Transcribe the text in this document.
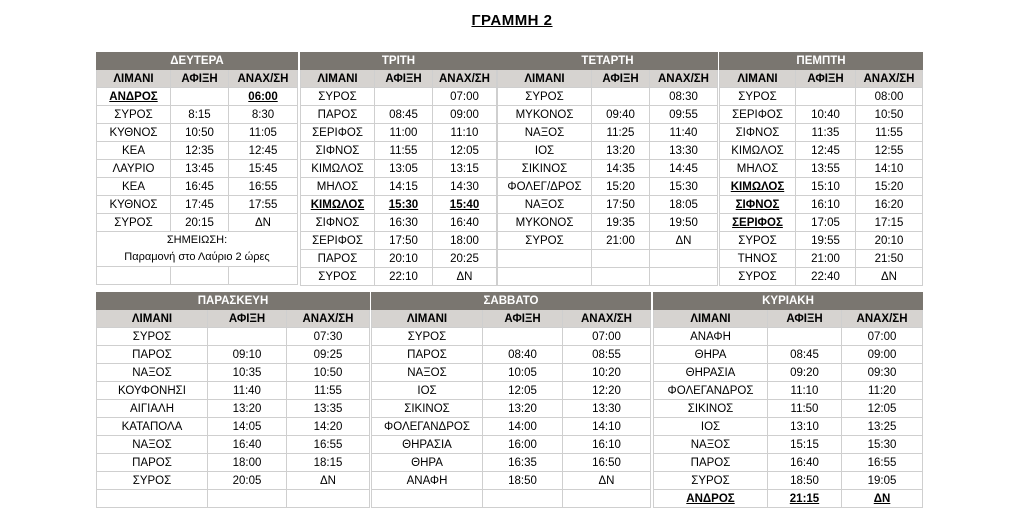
ΓΡΑΜΜΗ 2
ΔΕΥΤΕΡΑ		
ΛΙΜΑΝΙ	ΑΦΙΞΗ	ΑΝΑΧ/ΣΗ
ΑΝΔΡΟΣ		06:00
ΣΥΡΟΣ	8:15	8:30
ΚΥΘΝΟΣ	10:50	11:05
ΚΕΑ	12:35	12:45
ΛΑΥΡΙΟ	13:45	15:45
ΚΕΑ	16:45	16:55
ΚΥΘΝΟΣ	17:45	17:55
ΣΥΡΟΣ	20:15	ΔΝ

ΣΗΜΕΙΩΣΗ:
Παραμονή στο Λαύριο 2 ώρες		

ΤΡΙΤΗ		
ΛΙΜΑΝΙ	ΑΦΙΞΗ	ΑΝΑΧ/ΣΗ
ΣΥΡΟΣ		07:00
ΠΑΡΟΣ	08:45	09:00
ΣΕΡΙΦΟΣ	11:00	11:10
ΣΙΦΝΟΣ	11:55	12:05
ΚΙΜΩΛΟΣ	13:05	13:15
ΜΗΛΟΣ	14:15	14:30
ΚΙΜΩΛΟΣ	15:30	15:40
ΣΙΦΝΟΣ	16:30	16:40
ΣΕΡΙΦΟΣ	17:50	18:00
ΠΑΡΟΣ	20:10	20:25
ΣΥΡΟΣ	22:10	ΔΝ
ΤΕΤΑΡΤΗ		
ΛΙΜΑΝΙ	ΑΦΙΞΗ	ΑΝΑΧ/ΣΗ
ΣΥΡΟΣ		08:30
ΜΥΚΟΝΟΣ	09:40	09:55
ΝΑΞΟΣ	11:25	11:40
ΙΟΣ	13:20	13:30
ΣΙΚΙΝΟΣ	14:35	14:45
ΦΟΛΕΓ/ΔΡΟΣ	15:20	15:30
ΝΑΞΟΣ	17:50	18:05
ΜΥΚΟΝΟΣ	19:35	19:50
ΣΥΡΟΣ	21:00	ΔΝ

ΠΕΜΠΤΗ		
ΛΙΜΑΝΙ	ΑΦΙΞΗ	ΑΝΑΧ/ΣΗ
ΣΥΡΟΣ		08:00
ΣΕΡΙΦΟΣ	10:40	10:50
ΣΙΦΝΟΣ	11:35	11:55
ΚΙΜΩΛΟΣ	12:45	12:55
ΜΗΛΟΣ	13:55	14:10
ΚΙΜΩΛΟΣ	15:10	15:20
ΣΙΦΝΟΣ	16:10	16:20
ΣΕΡΙΦΟΣ	17:05	17:15
ΣΥΡΟΣ	19:55	20:10
ΤΗΝΟΣ	21:00	21:50
ΣΥΡΟΣ	22:40	ΔΝ
ΠΑΡΑΣΚΕΥΗ		
ΛΙΜΑΝΙ	ΑΦΙΞΗ	ΑΝΑΧ/ΣΗ
ΣΥΡΟΣ		07:30
ΠΑΡΟΣ	09:10	09:25
ΝΑΞΟΣ	10:35	10:50
ΚΟΥΦΟΝΗΣΙ	11:40	11:55
ΑΙΓΙΑΛΗ	13:20	13:35
ΚΑΤΑΠΟΛΑ	14:05	14:20
ΝΑΞΟΣ	16:40	16:55
ΠΑΡΟΣ	18:00	18:15
ΣΥΡΟΣ	20:05	ΔΝ

ΣΑΒΒΑΤΟ		
ΛΙΜΑΝΙ	ΑΦΙΞΗ	ΑΝΑΧ/ΣΗ
ΣΥΡΟΣ		07:00
ΠΑΡΟΣ	08:40	08:55
ΝΑΞΟΣ	10:05	10:20
ΙΟΣ	12:05	12:20
ΣΙΚΙΝΟΣ	13:20	13:30
ΦΟΛΕΓΑΝΔΡΟΣ	14:00	14:10
ΘΗΡΑΣΙΑ	16:00	16:10
ΘΗΡΑ	16:35	16:50
ΑΝΑΦΗ	18:50	ΔΝ

ΚΥΡΙΑΚΗ		
ΛΙΜΑΝΙ	ΑΦΙΞΗ	ΑΝΑΧ/ΣΗ
ΑΝΑΦΗ		07:00
ΘΗΡΑ	08:45	09:00
ΘΗΡΑΣΙΑ	09:20	09:30
ΦΟΛΕΓΑΝΔΡΟΣ	11:10	11:20
ΣΙΚΙΝΟΣ	11:50	12:05
ΙΟΣ	13:10	13:25
ΝΑΞΟΣ	15:15	15:30
ΠΑΡΟΣ	16:40	16:55
ΣΥΡΟΣ	18:50	19:05
ΑΝΔΡΟΣ	21:15	ΔΝ
